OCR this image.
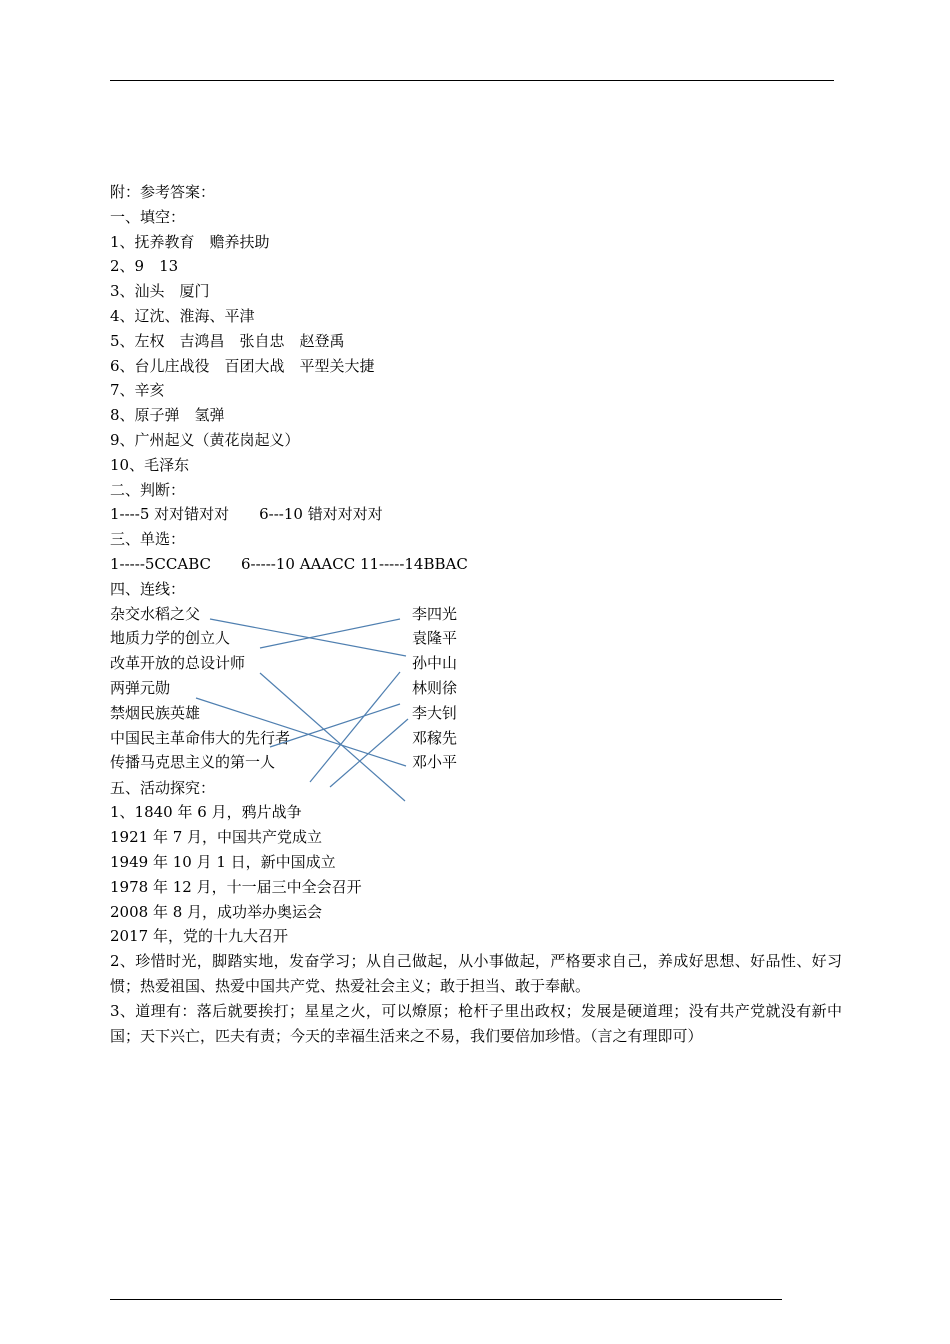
附：参考答案：
一、填空：
1、抚养教育　赡养扶助
2、9　13
3、汕头　厦门
4、辽沈、淮海、平津
5、左权　吉鸿昌　张自忠　赵登禹
6、台儿庄战役　百团大战　平型关大捷
7、辛亥
8、原子弹　氢弹
9、广州起义（黄花岗起义）
10、毛泽东
二、判断：
1----5 对对错对对　　6---10 错对对对对
三、单选：
1-----5CCABC　　6-----10 AAACC 11-----14BBAC
四、连线：
杂交水稻之父
地质力学的创立人
改革开放的总设计师
两弹元勋
禁烟民族英雄
中国民主革命伟大的先行者
传播马克思主义的第一人
李四光
袁隆平
孙中山
林则徐
李大钊
邓稼先
邓小平
五、活动探究：
1、1840 年 6 月，鸦片战争
1921 年 7 月，中国共产党成立
1949 年 10 月 1 日，新中国成立
1978 年 12 月，十一届三中全会召开
2008 年 8 月，成功举办奥运会
2017 年，党的十九大召开
2、珍惜时光，脚踏实地，发奋学习；从自己做起，从小事做起，严格要求自己，养成好思想、好品性、好习惯；热爱祖国、热爱中国共产党、热爱社会主义；敢于担当、敢于奉献。
3、道理有：落后就要挨打；星星之火，可以燎原；枪杆子里出政权；发展是硬道理；没有共产党就没有新中国；天下兴亡，匹夫有责；今天的幸福生活来之不易，我们要倍加珍惜。（言之有理即可）
